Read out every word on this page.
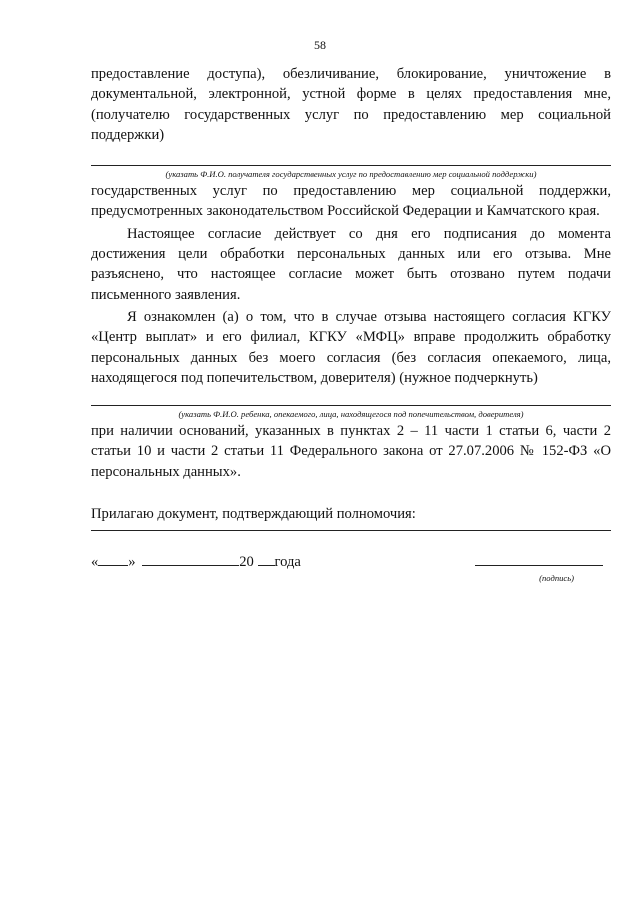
58

предоставление доступа), обезличивание, блокирование, уничтожение в документальной, электронной, устной форме в целях предоставления мне, (получателю государственных услуг по предоставлению мер социальной поддержки)

(указать Ф.И.О. получателя государственных услуг по предоставлению мер социальной поддержки)

государственных услуг по предоставлению мер социальной поддержки, предусмотренных законодательством Российской Федерации и Камчатского края.

Настоящее согласие действует со дня его подписания до момента достижения цели обработки персональных данных или его отзыва. Мне разъяснено, что настоящее согласие может быть отозвано путем подачи письменного заявления.

Я ознакомлен (а) о том, что в случае отзыва настоящего согласия КГКУ «Центр выплат» и его филиал, КГКУ «МФЦ» вправе продолжить обработку персональных данных без моего согласия (без согласия опекаемого, лица, находящегося под попечительством, доверителя) (нужное подчеркнуть)

(указать Ф.И.О. ребенка, опекаемого, лица, находящегося под попечительством, доверителя)

при наличии оснований, указанных в пунктах 2 – 11 части 1 статьи 6, части 2 статьи 10 и части 2 статьи 11 Федерального закона от 27.07.2006 № 152-ФЗ «О персональных данных».

Прилагаю документ, подтверждающий полномочия:

« »	20 года
(подпись)
